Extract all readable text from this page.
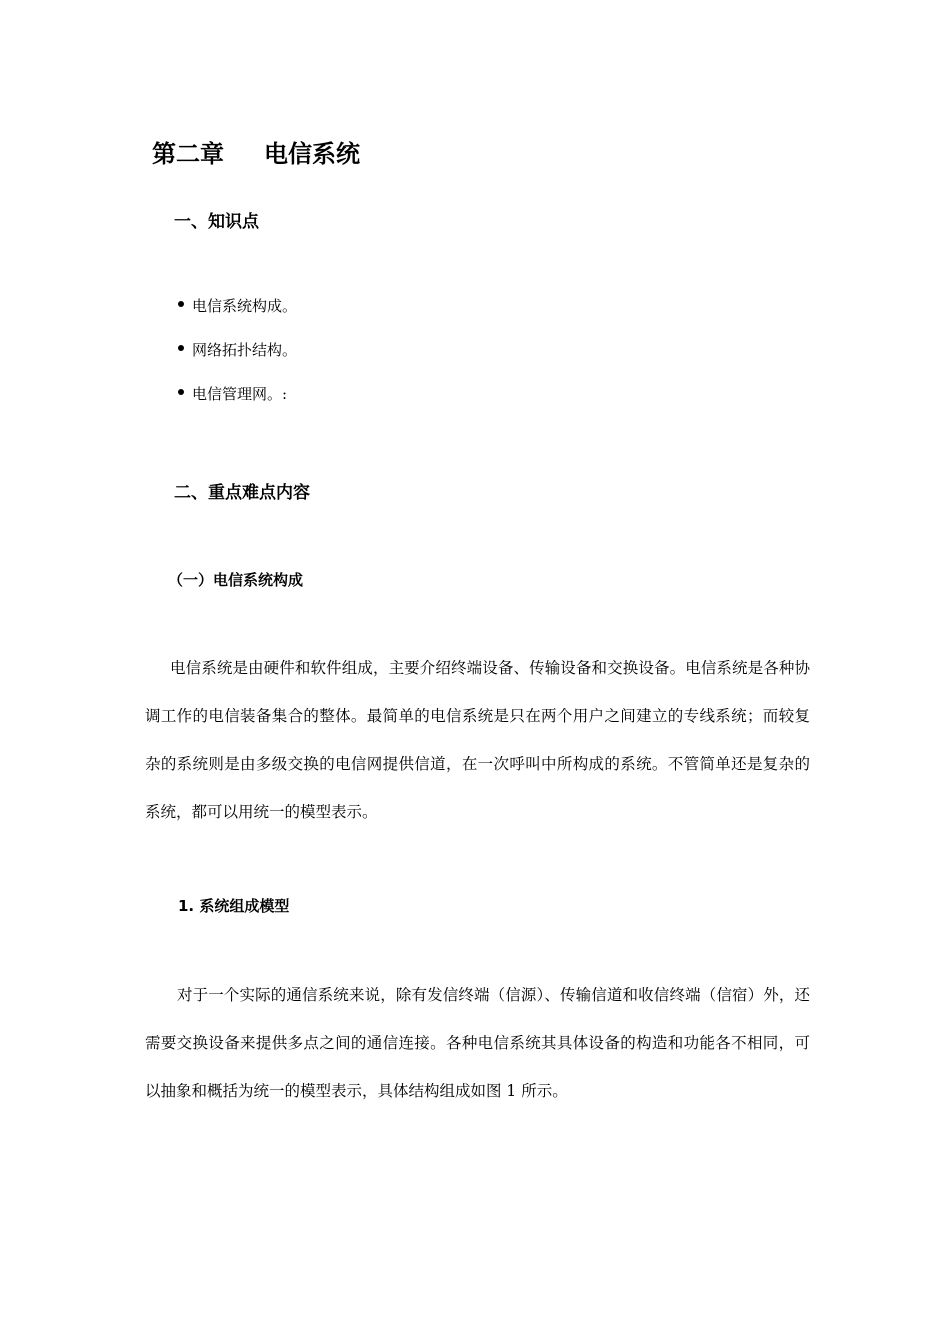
第二章 电信系统
一、知识点
电信系统构成。
网络拓扑结构。
电信管理网。:
二、重点难点内容
（一）电信系统构成
电信系统是由硬件和软件组成，主要介绍终端设备、传输设备和交换设备。电信系统是各种协调工作的电信装备集合的整体。最简单的电信系统是只在两个用户之间建立的专线系统；而较复杂的系统则是由多级交换的电信网提供信道，在一次呼叫中所构成的系统。不管简单还是复杂的系统，都可以用统一的模型表示。
1. 系统组成模型
对于一个实际的通信系统来说，除有发信终端（信源）、传输信道和收信终端（信宿）外，还需要交换设备来提供多点之间的通信连接。各种电信系统其具体设备的构造和功能各不相同，可以抽象和概括为统一的模型表示，具体结构组成如图 1 所示。
